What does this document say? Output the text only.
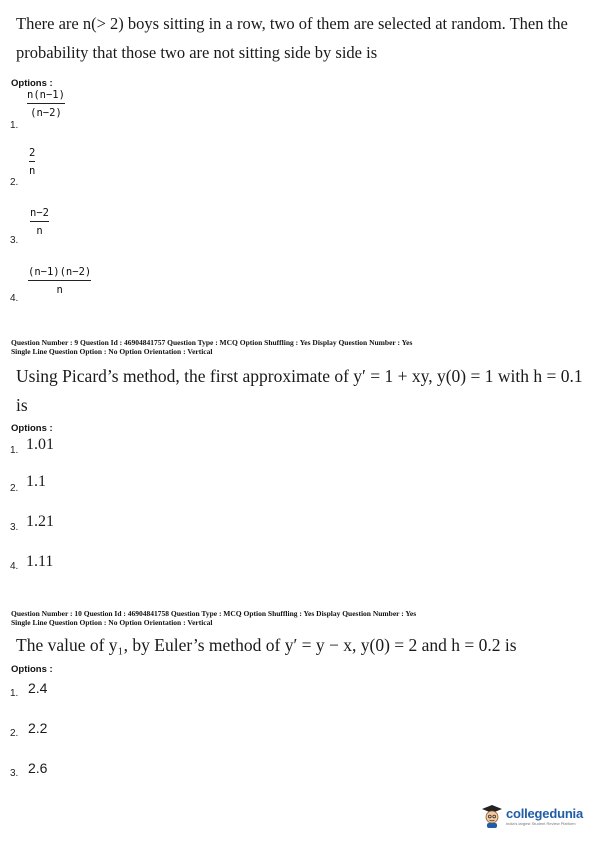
There are n(> 2) boys sitting in a row, two of them are selected at random. Then the
probability that those two are not sitting side by side is
Options :
1.
n(n−1)
(n−2)
2.
2
n
3.
n−2
n
4.
(n−1)(n−2)
n
Question Number : 9 Question Id : 46904841757 Question Type : MCQ Option Shuffling : Yes Display Question Number : Yes
Single Line Question Option : No Option Orientation : Vertical
Using Picard’s method, the first approximate of y′ = 1 + xy, y(0) = 1 with h = 0.1
is
Options :
1. 1.01
2. 1.1
3. 1.21
4. 1.11
Question Number : 10 Question Id : 46904841758 Question Type : MCQ Option Shuffling : Yes Display Question Number : Yes
Single Line Question Option : No Option Orientation : Vertical
The value of y₁, by Euler’s method of y′ = y − x, y(0) = 2 and h = 0.2 is
Options :
1. 2.4
2. 2.2
3. 2.6
collegedunia
India's largest Student Review Platform
